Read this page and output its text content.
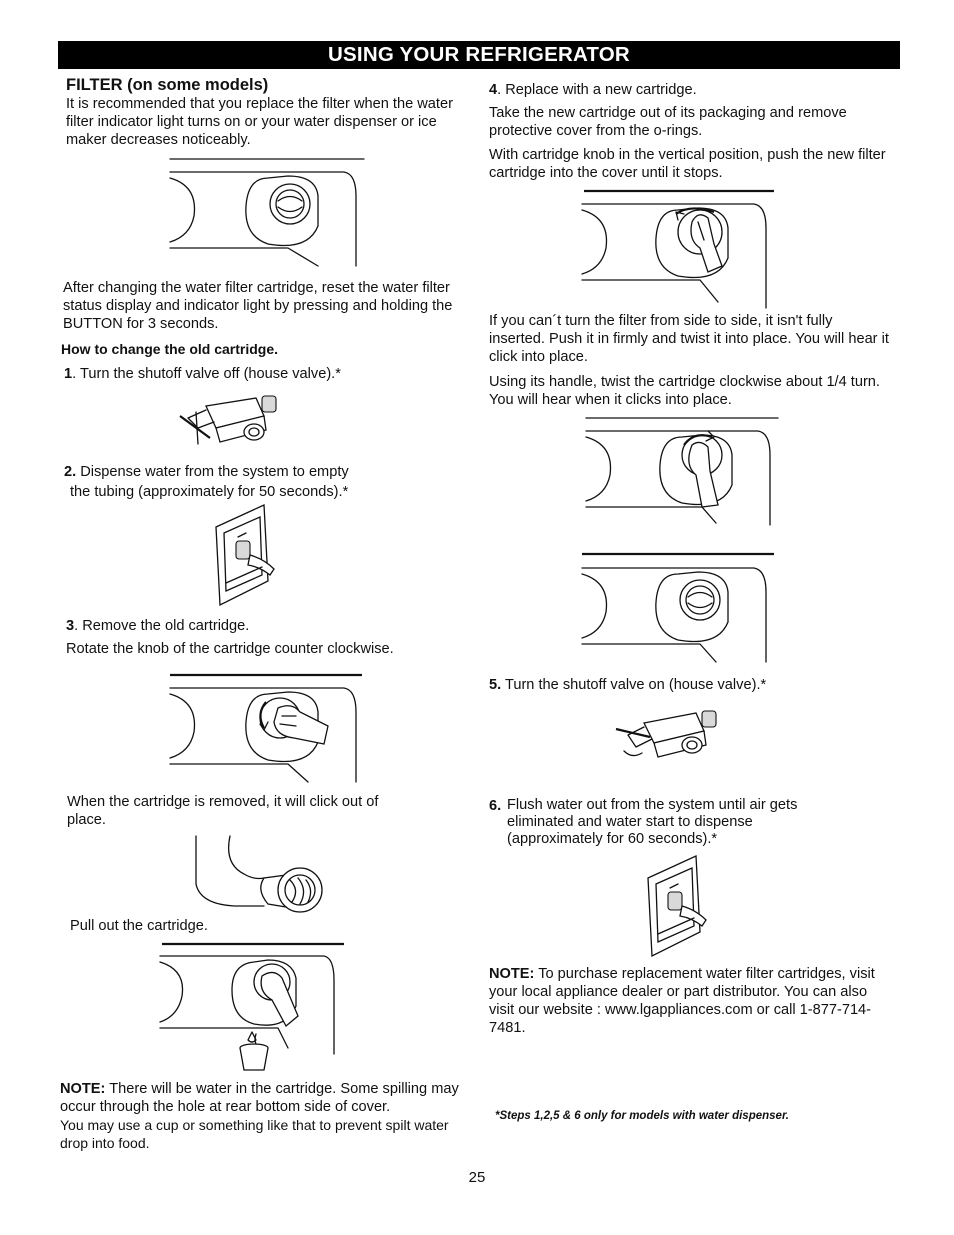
USING YOUR REFRIGERATOR
FILTER (on some models)

It is recommended that you replace the filter when the water filter indicator light turns on or your water dispenser or ice maker decreases noticeably.

After changing the water filter cartridge, reset the water filter status display and indicator light by pressing and holding the BUTTON for 3 seconds.

How to change the old cartridge.
1. Turn the shutoff valve off (house valve).*
2. Dispense water from the system to empty
the tubing (approximately for 50 seconds).*
3. Remove the old cartridge.
Rotate the knob of the cartridge counter clockwise.

When the cartridge is removed, it will click out of place.

Pull out the cartridge.

NOTE: There will be water in the cartridge. Some spilling may occur through the hole at rear bottom side of cover.

You may use a cup or something like that to prevent spilt water drop into food.

4. Replace with a new cartridge.

Take the new cartridge out of its packaging and remove protective cover from the o-rings.

With cartridge knob in the vertical position, push the new filter cartridge into the cover until it stops.

If you can´t turn the filter from side to side, it isn't fully inserted. Push it in firmly and twist it into place. You will hear it click into place.

Using its handle, twist the cartridge clockwise about 1/4 turn. You will hear when it clicks into place.

5. Turn the shutoff valve on (house valve).*
6. Flush water out from the system until air gets eliminated and water start to dispense (approximately for 60 seconds).*

NOTE: To purchase replacement water filter cartridges, visit your local appliance dealer or part distributor. You can also visit our website : www.lgappliances.com or call 1-877-714-7481.

*Steps 1,2,5 & 6 only for models with water dispenser.
25
